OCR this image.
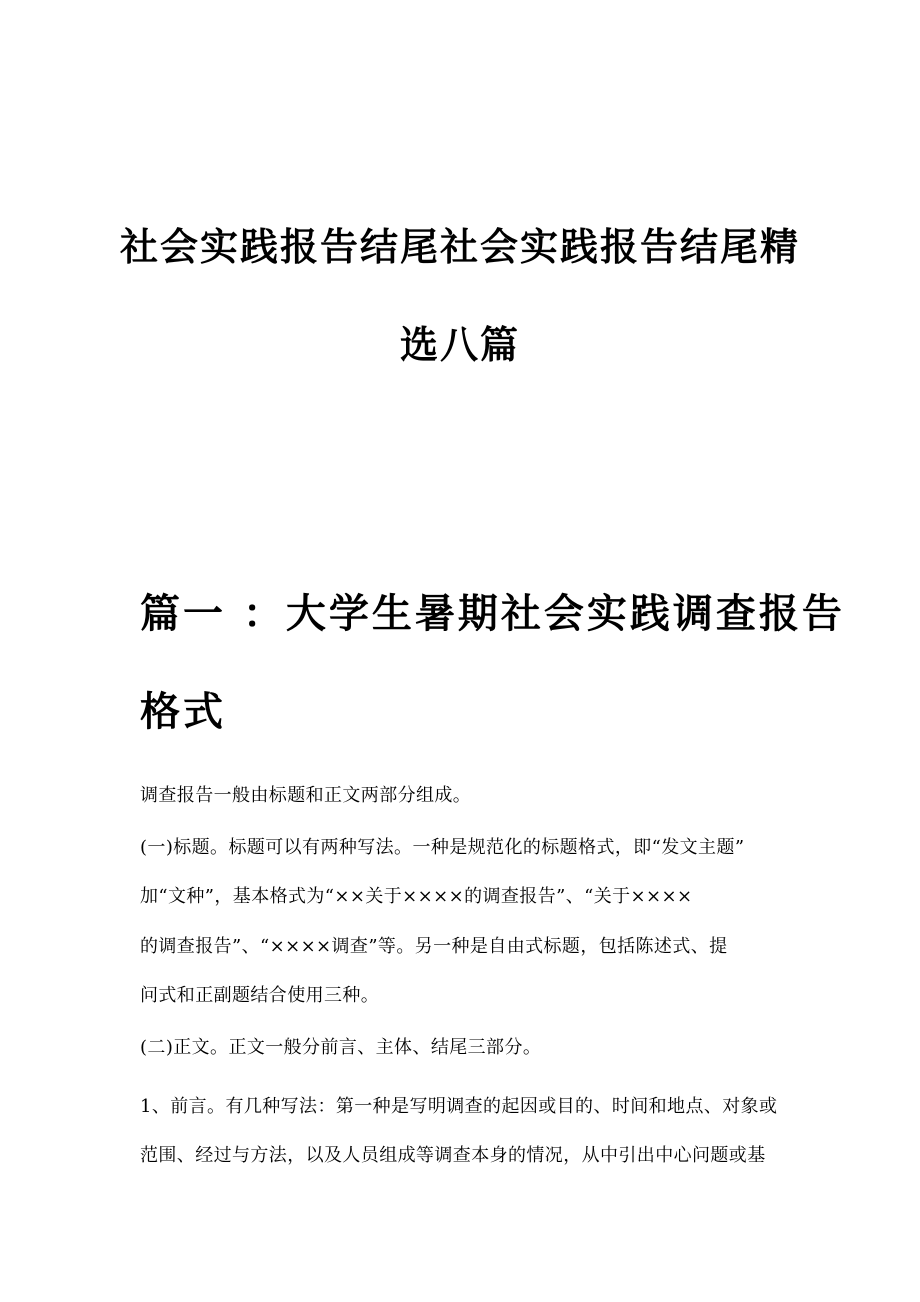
社会实践报告结尾社会实践报告结尾精
选八篇
篇一 ：大学生暑期社会实践调查报告
格式

调查报告一般由标题和正文两部分组成。

(一)标题。标题可以有两种写法。一种是规范化的标题格式，即“发文主题”

加“文种”，基本格式为“××关于××××的调查报告”、“关于××××

的调查报告”、“××××调查”等。另一种是自由式标题，包括陈述式、提

问式和正副题结合使用三种。

(二)正文。正文一般分前言、主体、结尾三部分。

1、前言。有几种写法：第一种是写明调查的起因或目的、时间和地点、对象或

范围、经过与方法，以及人员组成等调查本身的情况，从中引出中心问题或基
